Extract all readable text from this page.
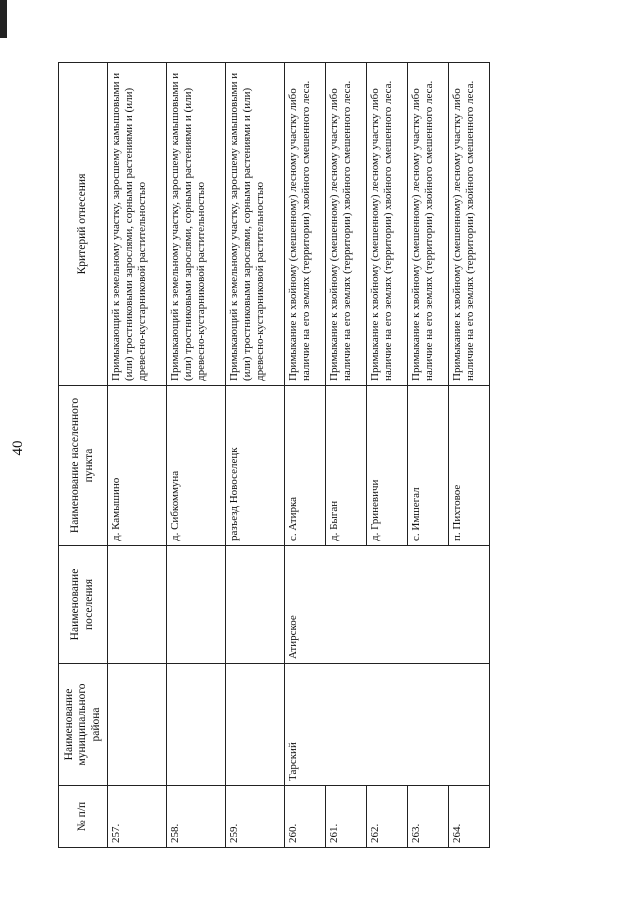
40
№ п/п	Наименование муниципального района	Наименование поселения	Наименование населенного пункта	Критерий отнесения
257.			д. Камышино	Примыкающий к земельному участку, заросшему камышовыми и (или) тростниковыми зарослями, сорными растениями и (или) древесно-кустарниковой растительностью
258.			д. Сибкоммуна	Примыкающий к земельному участку, заросшему камышовыми и (или) тростниковыми зарослями, сорными растениями и (или) древесно-кустарниковой растительностью
259.			разъезд Новоселецк	Примыкающий к земельному участку, заросшему камышовыми и (или) тростниковыми зарослями, сорными растениями и (или) древесно-кустарниковой растительностью
260.	Тарский	Атирское	с. Атирка	Примыкание к хвойному (смешенному) лесному участку либо наличие на его землях (территории) хвойного смешенного леса.
261.			д. Быган	Примыкание к хвойному (смешенному) лесному участку либо наличие на его землях (территории) хвойного смешенного леса.
262.			д. Гриневичи	Примыкание к хвойному (смешенному) лесному участку либо наличие на его землях (территории) хвойного смешенного леса.
263.			с. Имшегал	Примыкание к хвойному (смешенному) лесному участку либо наличие на его землях (территории) хвойного смешенного леса.
264.			п. Пихтовое	Примыкание к хвойному (смешенному) лесному участку либо наличие на его землях (территории) хвойного смешенного леса.
